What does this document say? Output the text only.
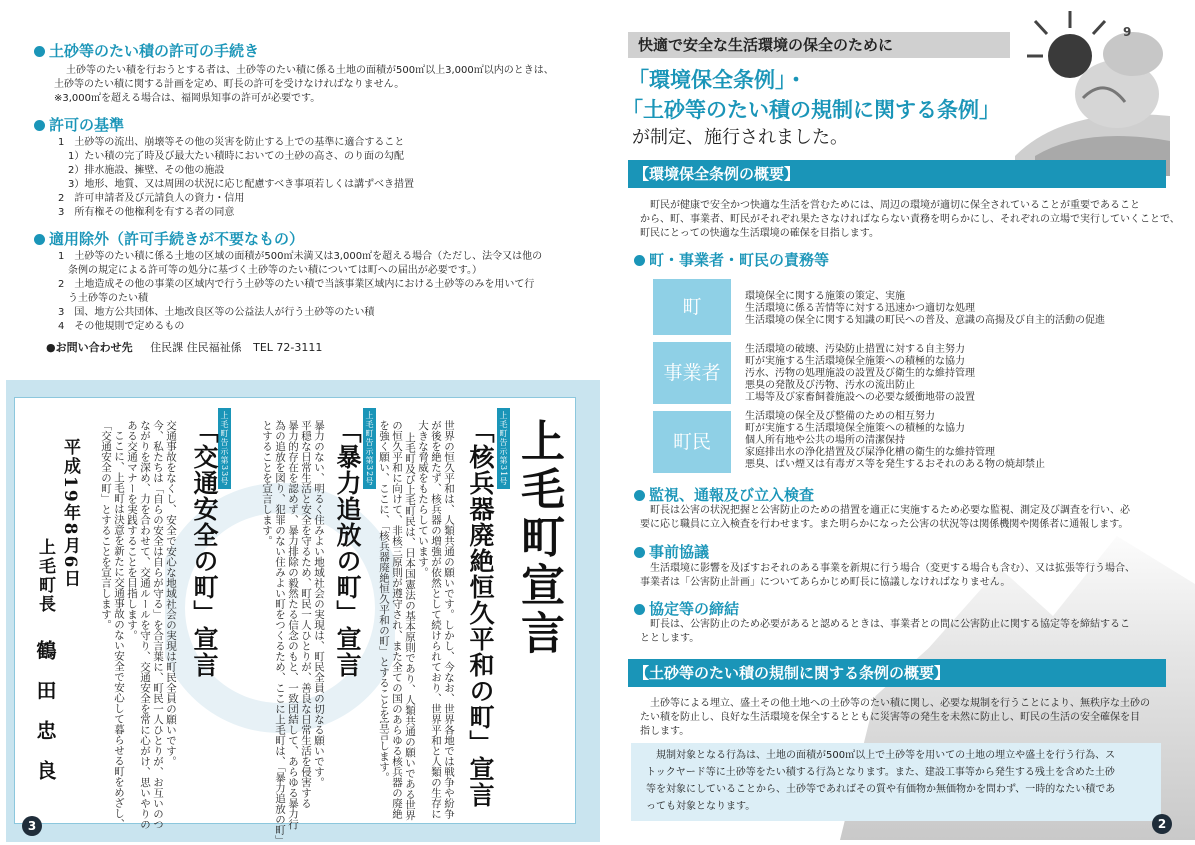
土砂等のたい積の許可の手続き
土砂等のたい積を行おうとする者は、土砂等のたい積に係る土地の面積が500㎡以上3,000㎡以内のときは、
土砂等のたい積に関する計画を定め、町長の許可を受けなければなりません。
※3,000㎡を超える場合は、福岡県知事の許可が必要です。
許可の基準
1　土砂等の流出、崩壊等その他の災害を防止する上での基準に適合すること
　1）たい積の完了時及び最大たい積時においての土砂の高さ、のり面の勾配
　2）排水施設、擁壁、その他の施設
　3）地形、地質、又は周囲の状況に応じ配慮すべき事項若しくは講ずべき措置
2　許可申請者及び元請負人の資力・信用
3　所有権その他権利を有する者の同意
適用除外（許可手続きが不要なもの）
1　土砂等のたい積に係る土地の区域の面積が500㎡未満又は3,000㎡を超える場合（ただし、法令又は他の
　条例の規定による許可等の処分に基づく土砂等のたい積については町への届出が必要です。）
2　土地造成その他の事業の区域内で行う土砂等のたい積で当該事業区域内における土砂等のみを用いて行
　う土砂等のたい積
3　国、地方公共団体、土地改良区等の公益法人が行う土砂等のたい積
4　その他規則で定めるもの
●お問い合わせ先 住民課 住民福祉係 TEL 72-3111
上毛町宣言
上毛町告示第31号
「核兵器廃絶恒久平和の町」宣言
世界の恒久平和は、人類共通の願いです。しかし、今なお、世界各地では戦争や紛争
が後を絶たず、核兵器の増強が依然として続けられており、世界平和と人類の生存に
大きな脅威をもたらしています。
上毛町及び上毛町民は、日本国憲法の基本原則であり、人類共通の願いである世界
の恒久平和に向けて、非核三原則が遵守され、また全ての国のあらゆる核兵器の廃絶
を強く願い、ここに、「核兵器廃絶恒久平和の町」とすることを宣言します。
上毛町告示第32号
「暴力追放の町」宣言
暴力のない、明るく住みよい地域社会の実現は、町民全員の切なる願いです。
平穏な日常生活と安全を守るため、町民一人ひとりが、善良な日常生活を侵害する
暴力的存在を認めず、暴力排除の毅然たる信念のもと、一致団結して、あらゆる暴力行
為の追放を図り、犯罪のない住みよい町をつくるため、ここに上毛町は、「暴力追放の町」
とすることを宣言します。
上毛町告示第33号
「交通安全の町」宣言
交通事故をなくし、安全で安心な地域社会の実現は町民全員の願いです。
今、私たちは「自らの安全は自らが守る」を合言葉に、町民一人ひとりが、お互いのつ
ながりを深め、力を合わせて、交通ルールを守り、交通安全を常に心がけ、思いやりの
ある交通マナーを実践することを目指します。
ここに、上毛町は決意を新たに交通事故のない安全で安心して暮らせる町をめざし、
「交通安全の町」とすることを宣言します。
平成19年8月6日
上毛町長
鶴田忠良
3
快適で安全な生活環境の保全のために
9
「環境保全条例」・
「土砂等のたい積の規制に関する条例」
が制定、施行されました。
【環境保全条例の概要】
町民が健康で安全かつ快適な生活を営むためには、周辺の環境が適切に保全されていることが重要であること
から、町、事業者、町民がそれぞれ果たさなければならない責務を明らかにし、それぞれの立場で実行していくことで、
町民にとっての快適な生活環境の確保を目指します。
町・事業者・町民の責務等
町	環境保全に関する施策の策定、実施
生活環境に係る苦情等に対する迅速かつ適切な処理
生活環境の保全に関する知識の町民への普及、意識の高揚及び自主的活動の促進
事業者
生活環境の破壊、汚染防止措置に対する自主努力
町が実施する生活環境保全施策への積極的な協力
汚水、汚物の処理施設の設置及び衛生的な維持管理
悪臭の発散及び汚物、汚水の流出防止
工場等及び家畜飼養施設への必要な緩衝地帯の設置
町民
生活環境の保全及び整備のための相互努力
町が実施する生活環境保全施策への積極的な協力
個人所有地や公共の場所の清潔保持
家庭排出水の浄化措置及び屎浄化槽の衛生的な維持管理
悪臭、ばい煙又は有毒ガス等を発生するおそれのある物の焼却禁止
監視、通報及び立入検査
町長は公害の状況把握と公害防止のための措置を適正に実施するため必要な監視、測定及び調査を行い、必
要に応じ職員に立入検査を行わせます。また明らかになった公害の状況等は関係機関や関係者に通報します。
事前協議
生活環境に影響を及ぼすおそれのある事業を新規に行う場合（変更する場合も含む）、又は拡張等行う場合、
事業者は「公害防止計画」についてあらかじめ町長に協議しなければなりません。
協定等の締結
町長は、公害防止のため必要があると認めるときは、事業者との間に公害防止に関する協定等を締結するこ
ととします。
【土砂等のたい積の規制に関する条例の概要】
土砂等による埋立、盛土その他土地への土砂等のたい積に関し、必要な規制を行うことにより、無秩序な土砂の
たい積を防止し、良好な生活環境を保全するとともに災害等の発生を未然に防止し、町民の生活の安全確保を目
指します。
規制対象となる行為は、土地の面積が500㎡以上で土砂等を用いての土地の埋立や盛土を行う行為、ス
トックヤード等に土砂等をたい積する行為となります。また、建設工事等から発生する残土を含めた土砂
等を対象にしていることから、土砂等であればその質や有価物か無価物かを問わず、一時的なたい積であ
っても対象となります。
2
